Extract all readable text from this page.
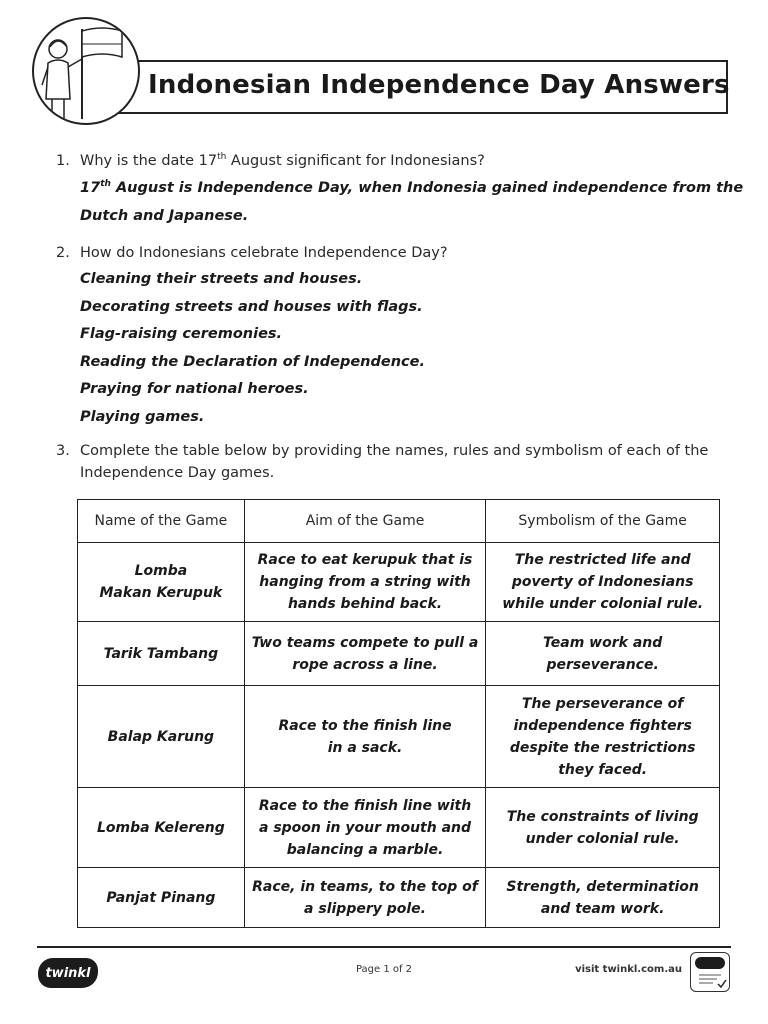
Indonesian Independence Day Answers
1. Why is the date 17th August significant for Indonesians?
17th August is Independence Day, when Indonesia gained independence from the
Dutch and Japanese.
2. How do Indonesians celebrate Independence Day?
Cleaning their streets and houses.
Decorating streets and houses with flags.
Flag-raising ceremonies.
Reading the Declaration of Independence.
Praying for national heroes.
Playing games.
3. Complete the table below by providing the names, rules and symbolism of each of the
Independence Day games.
Name of the Game	Aim of the Game	Symbolism of the Game
Lomba
Makan Kerupuk	Race to eat kerupuk that is
hanging from a string with
hands behind back.	The restricted life and
poverty of Indonesians
while under colonial rule.
Tarik Tambang	Two teams compete to pull a
rope across a line.	Team work and
perseverance.
Balap Karung	Race to the finish line
in a sack.	The perseverance of
independence fighters
despite the restrictions
they faced.
Lomba Kelereng	Race to the finish line with
a spoon in your mouth and
balancing a marble.	The constraints of living
under colonial rule.
Panjat Pinang	Race, in teams, to the top of
a slippery pole.	Strength, determination
and team work.
twinkl	Page 1 of 2	visit twinkl.com.au
